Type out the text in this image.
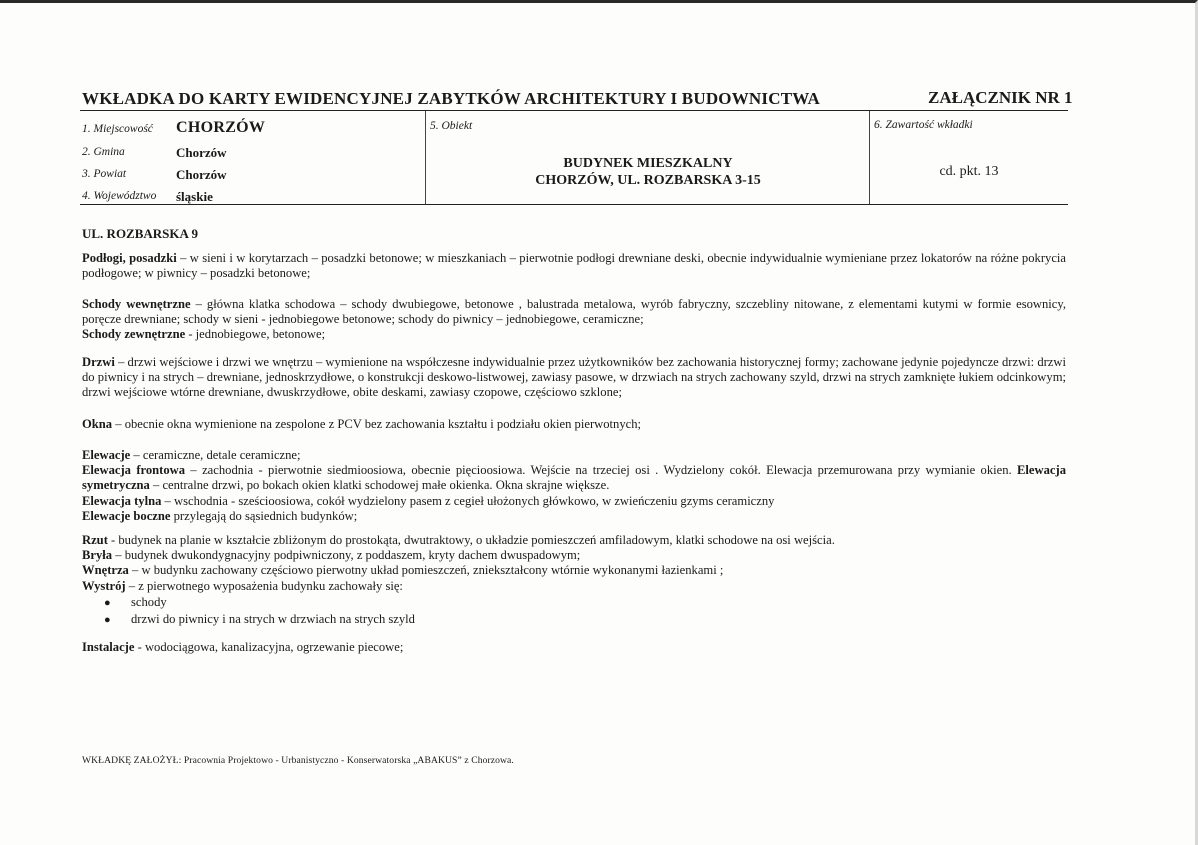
WKŁADKA DO KARTY EWIDENCYJNEJ ZABYTKÓW ARCHITEKTURY I BUDOWNICTWA	ZAŁĄCZNIK NR 1
1. Miejscowość CHORZÓW
2. Gmina	Chorzów
3. Powiat	Chorzów
4. Województwo śląskie
5. Obiekt
BUDYNEK MIESZKALNY
CHORZÓW, UL. ROZBARSKA 3-15
6. Zawartość wkładki
cd. pkt. 13
UL. ROZBARSKA 9
Podłogi, posadzki – w sieni i w korytarzach – posadzki betonowe; w mieszkaniach – pierwotnie podłogi drewniane deski, obecnie indywidualnie wymieniane przez lokatorów na różne pokrycia podłogowe; w piwnicy – posadzki betonowe;
Schody wewnętrzne – główna klatka schodowa – schody dwubiegowe, betonowe , balustrada metalowa, wyrób fabryczny, szczebliny nitowane, z elementami kutymi w formie esownicy, poręcze drewniane; schody w sieni - jednobiegowe betonowe; schody do piwnicy – jednobiegowe, ceramiczne;
Schody zewnętrzne - jednobiegowe, betonowe;
Drzwi – drzwi wejściowe i drzwi we wnętrzu – wymienione na współczesne indywidualnie przez użytkowników bez zachowania historycznej formy; zachowane jedynie pojedyncze drzwi: drzwi do piwnicy i na strych – drewniane, jednoskrzydłowe, o konstrukcji deskowo-listwowej, zawiasy pasowe, w drzwiach na strych zachowany szyld, drzwi na strych zamknięte łukiem odcinkowym; drzwi wejściowe wtórne drewniane, dwuskrzydłowe, obite deskami, zawiasy czopowe, częściowo szklone;
Okna – obecnie okna wymienione na zespolone z PCV bez zachowania kształtu i podziału okien pierwotnych;
Elewacje – ceramiczne, detale ceramiczne;
Elewacja frontowa – zachodnia - pierwotnie siedmioosiowa, obecnie pięcioosiowa. Wejście na trzeciej osi . Wydzielony cokół. Elewacja przemurowana przy wymianie okien. Elewacja symetryczna – centralne drzwi, po bokach okien klatki schodowej małe okienka. Okna skrajne większe.
Elewacja tylna – wschodnia - sześcioosiowa, cokół wydzielony pasem z cegieł ułożonych główkowo, w zwieńczeniu gzyms ceramiczny
Elewacje boczne przylegają do sąsiednich budynków;
Rzut - budynek na planie w kształcie zbliżonym do prostokąta, dwutraktowy, o układzie pomieszczeń amfiladowym, klatki schodowe na osi wejścia.
Bryła – budynek dwukondygnacyjny podpiwniczony, z poddaszem, kryty dachem dwuspadowym;
Wnętrza – w budynku zachowany częściowo pierwotny układ pomieszczeń, zniekształcony wtórnie wykonanymi łazienkami ;
Wystrój – z pierwotnego wyposażenia budynku zachowały się:
● schody
● drzwi do piwnicy i na strych w drzwiach na strych szyld
Instalacje - wodociągowa, kanalizacyjna, ogrzewanie piecowe;
WKŁADKĘ ZAŁOŻYŁ: Pracownia Projektowo - Urbanistyczno - Konserwatorska „ABAKUS” z Chorzowa.
